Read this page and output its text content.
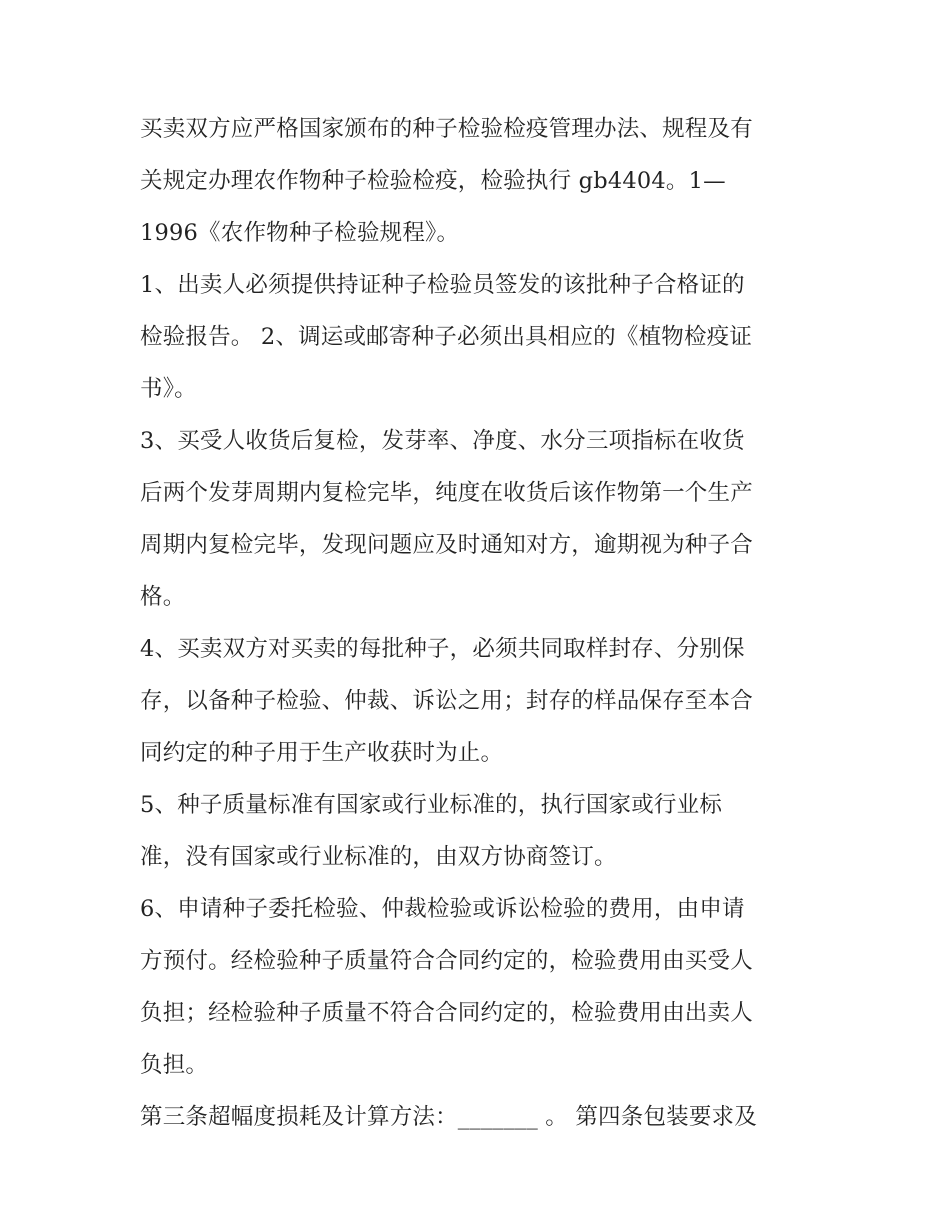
买卖双方应严格国家颁布的种子检验检疫管理办法、规程及有
关规定办理农作物种子检验检疫，检验执行 gb4404。1—
1996《农作物种子检验规程》。
1、出卖人必须提供持证种子检验员签发的该批种子合格证的
检验报告。 2、调运或邮寄种子必须出具相应的《植物检疫证
书》。
3、买受人收货后复检，发芽率、净度、水分三项指标在收货
后两个发芽周期内复检完毕，纯度在收货后该作物第一个生产
周期内复检完毕，发现问题应及时通知对方，逾期视为种子合
格。
4、买卖双方对买卖的每批种子，必须共同取样封存、分别保
存，以备种子检验、仲裁、诉讼之用；封存的样品保存至本合
同约定的种子用于生产收获时为止。
5、种子质量标准有国家或行业标准的，执行国家或行业标
准，没有国家或行业标准的，由双方协商签订。
6、申请种子委托检验、仲裁检验或诉讼检验的费用，由申请
方预付。经检验种子质量符合合同约定的，检验费用由买受人
负担；经检验种子质量不符合合同约定的，检验费用由出卖人
负担。
第三条超幅度损耗及计算方法：_______ 。 第四条包装要求及
